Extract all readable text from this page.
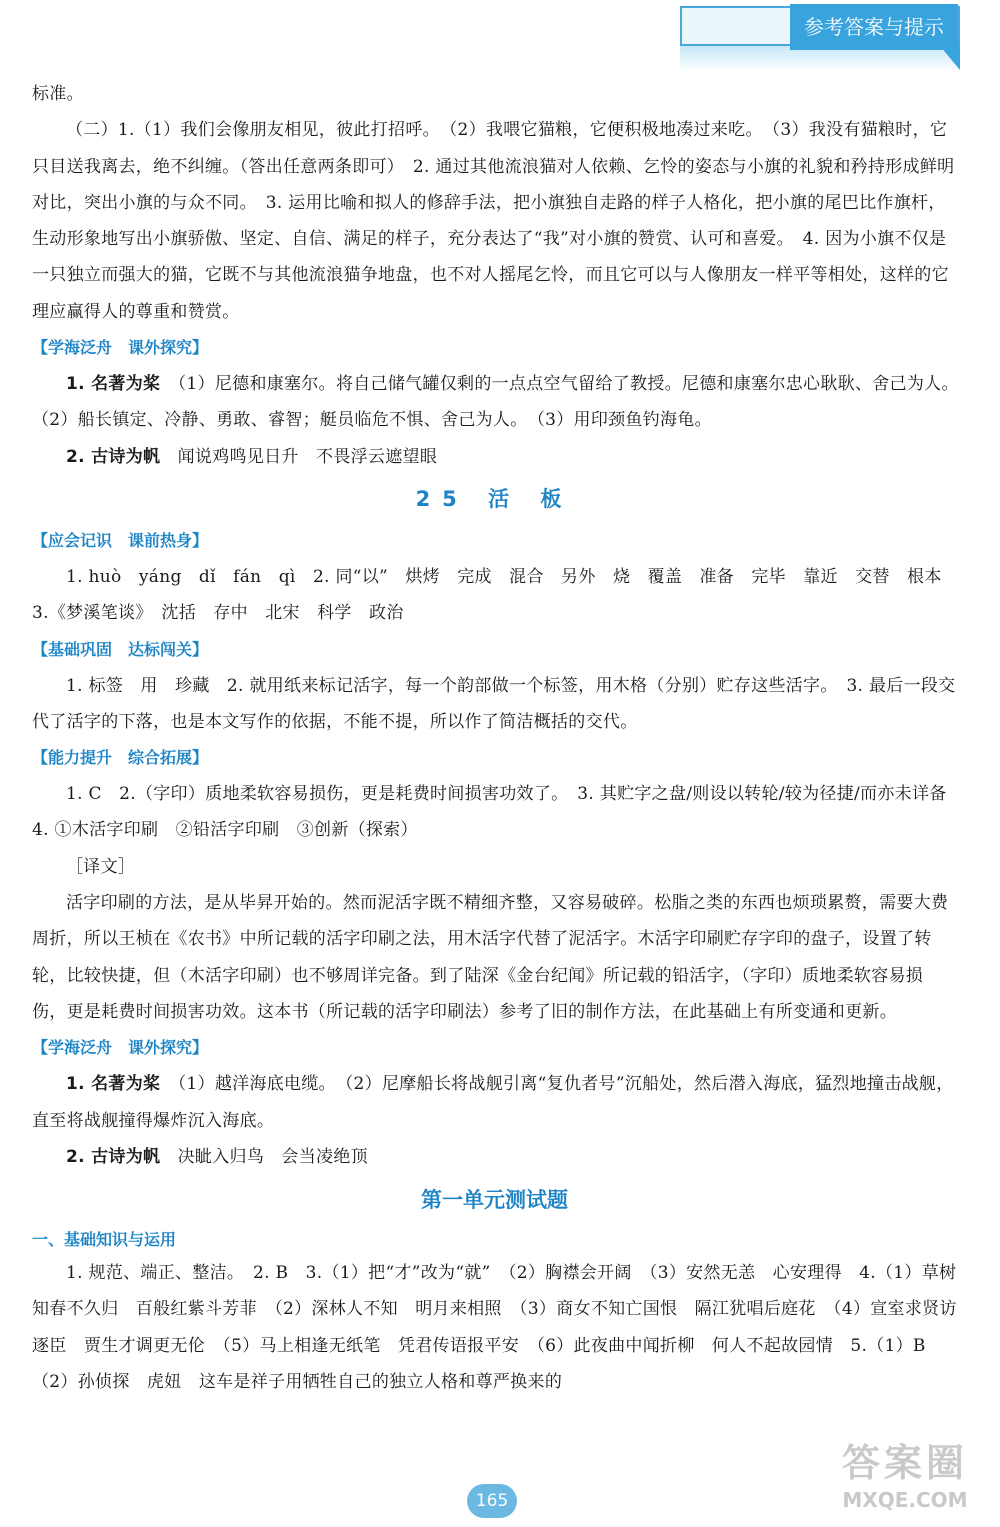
参考答案与提示

标准。

（二）1.（1）我们会像朋友相见，彼此打招呼。　（2）我喂它猫粮，它便积极地凑过来吃。　（3）我没有猫粮时，它只目送我离去，绝不纠缠。（答出任意两条即可）　2. 通过其他流浪猫对人依赖、乞怜的姿态与小旗的礼貌和矜持形成鲜明对比，突出小旗的与众不同。　3. 运用比喻和拟人的修辞手法，把小旗独自走路的样子人格化，把小旗的尾巴比作旗杆，生动形象地写出小旗骄傲、坚定、自信、满足的样子，充分表达了“我”对小旗的赞赏、认可和喜爱。　4. 因为小旗不仅是一只独立而强大的猫，它既不与其他流浪猫争地盘，也不对人摇尾乞怜，而且它可以与人像朋友一样平等相处，这样的它理应赢得人的尊重和赞赏。

【学海泛舟　课外探究】

1. 名著为桨　 （1）尼德和康塞尔。将自己储气罐仅剩的一点点空气留给了教授。尼德和康塞尔忠心耿耿、舍己为人。　（2）船长镇定、冷静、勇敢、睿智；艇员临危不惧、舍己为人。　（3）用印颈鱼钓海龟。

2. 古诗为帆　 闻说鸡鸣见日升　不畏浮云遮望眼

25 活 板

【应会记识　课前热身】

1. huò　yáng　dǐ　fán　qì　2. 同“以”　烘烤　完成　混合　另外　烧　覆盖　准备　完毕　靠近　交替　根本　3.《梦溪笔谈》　沈括　存中　北宋　科学　政治

【基础巩固　达标闯关】

1. 标签　用　珍藏　2. 就用纸来标记活字，每一个韵部做一个标签，用木格（分别）贮存这些活字。　3. 最后一段交代了活字的下落，也是本文写作的依据，不能不提，所以作了简洁概括的交代。

【能力提升　综合拓展】

1. C　2.（字印）质地柔软容易损伤，更是耗费时间损害功效了。　3. 其贮字之盘/则设以转轮/较为径捷/而亦未详备　4. ①木活字印刷　②铅活字印刷　③创新（探索）

［译文］

活字印刷的方法，是从毕昇开始的。然而泥活字既不精细齐整，又容易破碎。松脂之类的东西也烦琐累赘，需要大费周折，所以王桢在《农书》中所记载的活字印刷之法，用木活字代替了泥活字。木活字印刷贮存字印的盘子，设置了转轮，比较快捷，但（木活字印刷）也不够周详完备。到了陆深《金台纪闻》所记载的铅活字，（字印）质地柔软容易损伤，更是耗费时间损害功效。这本书（所记载的活字印刷法）参考了旧的制作方法，在此基础上有所变通和更新。

【学海泛舟　课外探究】

1. 名著为桨　 （1）越洋海底电缆。　（2）尼摩船长将战舰引离“复仇者号”沉船处，然后潜入海底，猛烈地撞击战舰，直至将战舰撞得爆炸沉入海底。

2. 古诗为帆　 决眦入归鸟　会当凌绝顶

第一单元测试题

一、基础知识与运用

1. 规范、端正、整洁。　2. B　3.（1）把“才”改为“就”　（2）胸襟会开阔　（3）安然无恙　心安理得　4.（1）草树知春不久归　百般红紫斗芳菲　（2）深林人不知　明月来相照　（3）商女不知亡国恨　隔江犹唱后庭花　（4）宣室求贤访逐臣　贾生才调更无伦　（5）马上相逢无纸笔　凭君传语报平安　（6）此夜曲中闻折柳　何人不起故园情　5.（1）B　（2）孙侦探　虎妞　这车是祥子用牺牲自己的独立人格和尊严换来的

165
答案圈
MXQE.COM
